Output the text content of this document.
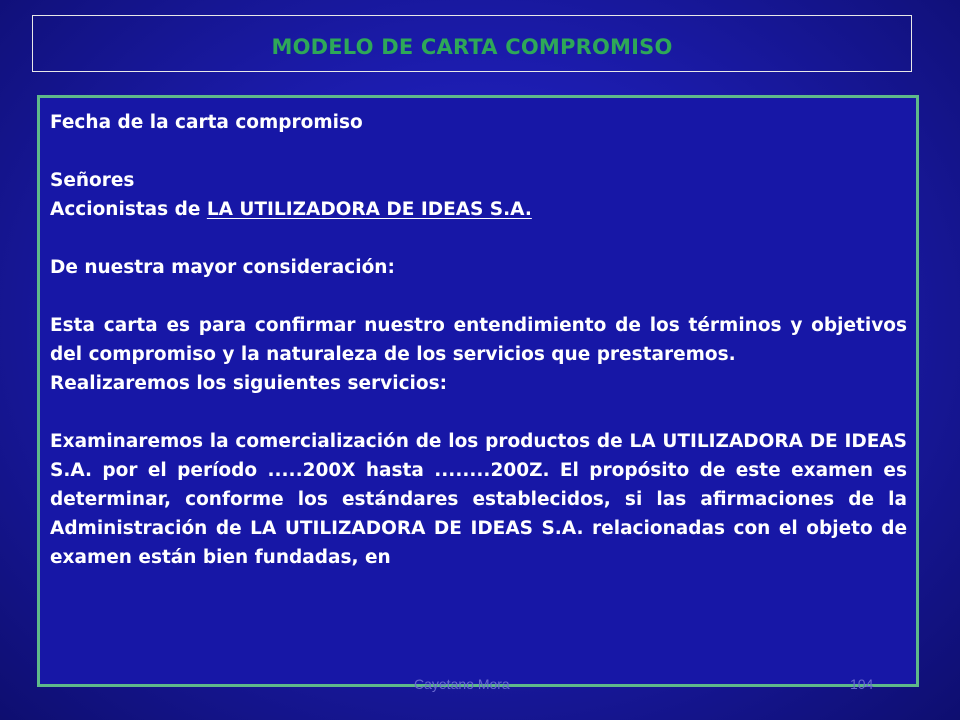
MODELO DE CARTA COMPROMISO

Fecha de la carta compromiso

Señores

Accionistas de LA UTILIZADORA DE IDEAS S.A.

De nuestra mayor consideración:

Esta carta es para confirmar nuestro entendimiento de los términos y objetivos del compromiso y la naturaleza de los servicios que prestaremos.

Realizaremos los siguientes servicios:

Examinaremos la comercialización de los productos de LA UTILIZADORA DE IDEAS S.A. por el período .....200X hasta ........200Z. El propósito de este examen es determinar, conforme los estándares establecidos, si las afirmaciones de la Administración de LA UTILIZADORA DE IDEAS S.A. relacionadas con el objeto de examen están bien fundadas, en

Cayetano Mora	104
